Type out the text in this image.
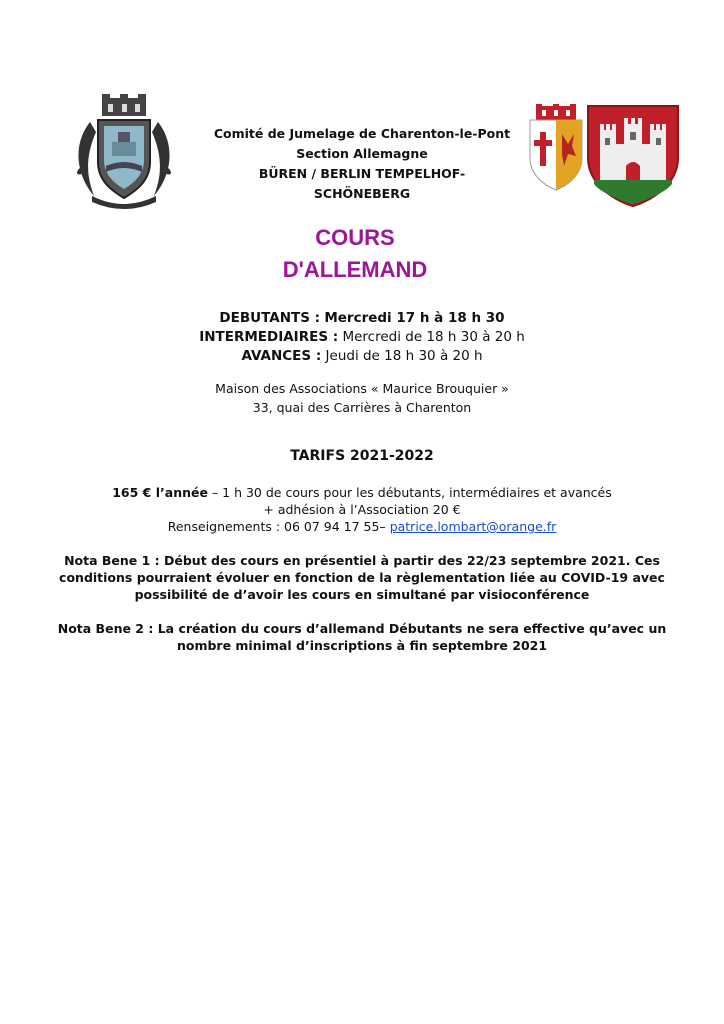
Comité de Jumelage de Charenton-le-Pont
Section Allemagne
BÜREN / BERLIN TEMPELHOF-
SCHÖNEBERG
COURS
D'ALLEMAND
DEBUTANTS : Mercredi 17 h à 18 h 30
INTERMEDIAIRES : Mercredi de 18 h 30 à 20 h
AVANCES : Jeudi de 18 h 30 à 20 h
Maison des Associations « Maurice Brouquier »
33, quai des Carrières à Charenton
TARIFS 2021-2022
165 € l’année – 1 h 30 de cours pour les débutants, intermédiaires et avancés
+ adhésion à l’Association 20 €
Renseignements : 06 07 94 17 55– patrice.lombart@orange.fr
Nota Bene 1 : Début des cours en présentiel à partir des 22/23 septembre 2021. Ces conditions pourraient évoluer en fonction de la règlementation liée au COVID-19 avec possibilité de d’avoir les cours en simultané par visioconférence
Nota Bene 2 : La création du cours d’allemand Débutants ne sera effective qu’avec un nombre minimal d’inscriptions à fin septembre 2021
